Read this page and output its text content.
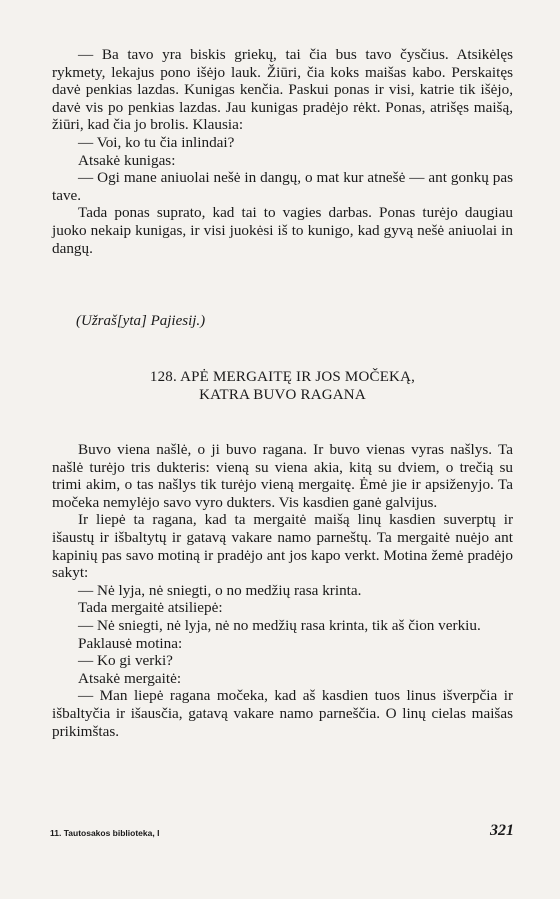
— Ba tavo yra biskis griekų, tai čia bus tavo čysčius. Atsikėlęs rykmety, lekajus pono išėjo lauk. Žiūri, čia koks maišas kabo. Perskaitęs davė penkias lazdas. Kunigas kenčia. Paskui ponas ir visi, katrie tik išėjo, davė vis po penkias lazdas. Jau kunigas pradėjo rėkt. Ponas, atrišęs maišą, žiūri, kad čia jo brolis. Klausia:

— Voi, ko tu čia inlindai?

Atsakė kunigas:

— Ogi mane aniuolai nešė in dangų, o mat kur atnešė — ant gonkų pas tave.

Tada ponas suprato, kad tai to vagies darbas. Ponas turėjo daugiau juoko nekaip kunigas, ir visi juokėsi iš to kunigo, kad gyvą nešė aniuolai in dangų.

(Užraš[yta] Pajiesij.)
128. APĖ MERGAITĘ IR JOS MOČEKĄ,
KATRA BUVO RAGANA

Buvo viena našlė, o ji buvo ragana. Ir buvo vienas vyras našlys. Ta našlė turėjo tris dukteris: vieną su viena akia, kitą su dviem, o trečią su trimi akim, o tas našlys tik turėjo vieną mergaitę. Ėmė jie ir apsiženyjo. Ta močeka nemylėjo savo vyro dukters. Vis kasdien ganė galvijus.

Ir liepė ta ragana, kad ta mergaitė maišą linų kasdien suverptų ir išaustų ir išbaltytų ir gatavą vakare namo parneštų. Ta mergaitė nuėjo ant kapinių pas savo motiną ir pradėjo ant jos kapo verkt. Motina žemė pradėjo sakyt:

— Nė lyja, nė sniegti, o no medžių rasa krinta.

Tada mergaitė atsiliepė:

— Nė sniegti, nė lyja, nė no medžių rasa krinta, tik aš čion verkiu.

Paklausė motina:

— Ko gi verki?

Atsakė mergaitė:

— Man liepė ragana močeka, kad aš kasdien tuos linus išverpčia ir išbaltyčia ir išausčia, gatavą vakare namo parneščia. O linų cielas maišas prikimštas.

11. Tautosakos biblioteka, I	321
